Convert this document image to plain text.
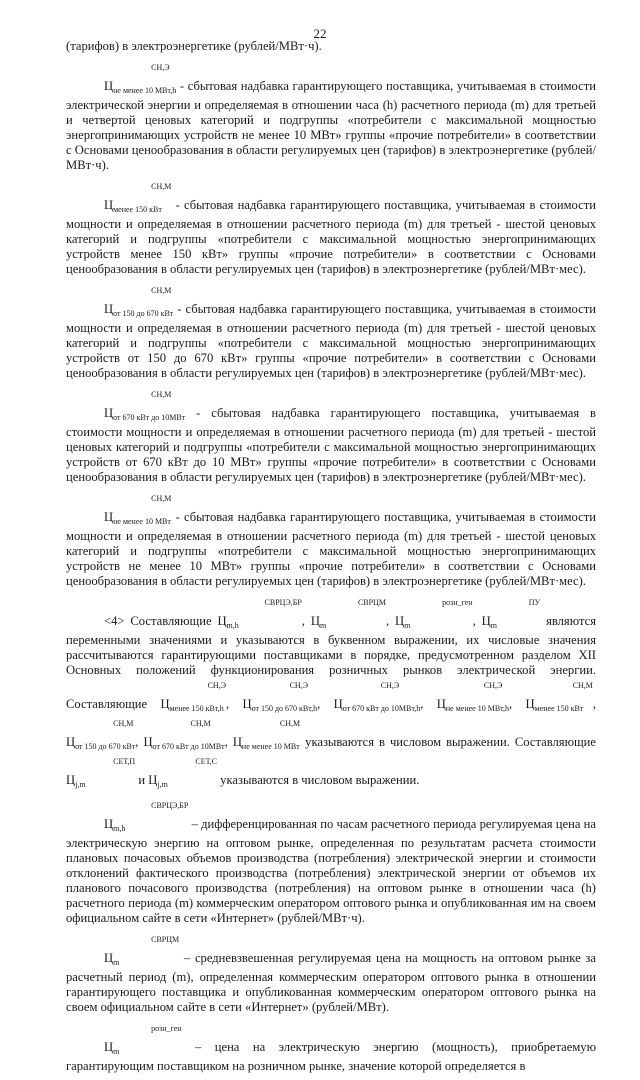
22

(тарифов) в электроэнергетике (рублей/МВт·ч).

$Ц^{СН,Э}$
$_{не менее 10 МВт,h}$ - сбытовая надбавка гарантирующего поставщика, учитываемая в стоимости электрической энергии и определяемая в отношении часа (h) расчетного периода (m) для третьей и четвертой ценовых категорий и подгруппы «потребители с максимальной мощностью энергопринимающих устройств не менее 10 МВт» группы «прочие потребители» в соответствии с Основами ценообразования в области регулируемых цен (тарифов) в электроэнергетике (рублей/МВт·ч).

$Ц^{СН,М}$
$_{менее 150 кВт}$ - сбытовая надбавка гарантирующего поставщика, учитываемая в стоимости мощности и определяемая в отношении расчетного периода (m) для третьей - шестой ценовых категорий и подгруппы «потребители с максимальной мощностью энергопринимающих устройств менее 150 кВт» группы «прочие потребители» в соответствии с Основами ценообразования в области регулируемых цен (тарифов) в электроэнергетике (рублей/МВт·мес).

$Ц^{СН,М}$
$_{от 150 до 670 кВт}$ - сбытовая надбавка гарантирующего поставщика, учитываемая в стоимости мощности и определяемая в отношении расчетного периода (m) для третьей - шестой ценовых категорий и подгруппы «потребители с максимальной мощностью энергопринимающих устройств от 150 до 670 кВт» группы «прочие потребители» в соответствии с Основами ценообразования в области регулируемых цен (тарифов) в электроэнергетике (рублей/МВт·мес).

$Ц^{СН,М}$
$_{от 670 кВт до 10МВт}$ - сбытовая надбавка гарантирующего поставщика, учитываемая в стоимости мощности и определяемая в отношении расчетного периода (m) для третьей - шестой ценовых категорий и подгруппы «потребители с максимальной мощностью энергопринимающих устройств от 670 кВт до 10 МВт» группы «прочие потребители» в соответствии с Основами ценообразования в области регулируемых цен (тарифов) в электроэнергетике (рублей/МВт·мес).

$Ц^{СН,М}$
$_{не менее 10 МВт}$ - сбытовая надбавка гарантирующего поставщика, учитываемая в стоимости мощности и определяемая в отношении расчетного периода (m) для третьей - шестой ценовых категорий и подгруппы «потребители с максимальной мощностью энергопринимающих устройств не менее 10 МВт» группы «прочие потребители» в соответствии с Основами ценообразования в области регулируемых цен (тарифов) в электроэнергетике (рублей/МВт·мес).

<4> Составляющие $Ц^{СВРЦЭ,БР}$
$_{m,h}$	, $Ц^{СВРЦМ}$
$_m$	, $Ц^{розн\_ген}$
$_m$	, $Ц^{ПУ}$
$_m$	являются переменными значениями и указываются в буквенном выражении, их числовые значения рассчитываются гарантирующими поставщиками в порядке, предусмотренном разделом XII Основных положений функционирования розничных рынков электрической энергии. Составляющие $Ц^{СН,Э}$
$_{менее 150 кВт,h}$ , $Ц^{СН,Э}$
$_{от 150 до 670 кВт,h}$, $Ц^{СН,Э}$
$_{от 670 кВт до 10МВт,h}$, $Ц^{СН,Э}$
$_{не менее 10 МВт,h}$, $Ц^{СН,М}$
$_{менее 150 кВт}$ , $Ц^{СН,М}$
$_{от 150 до 670 кВт}$, $Ц^{СН,М}$
$_{от 670 кВт до 10МВт}$, $Ц^{СН,М}$
$_{не менее 10 МВт}$ указываются в числовом выражении. Составляющие $Ц^{СЕТ,П}$
$_{j,m}$	и $Ц^{СЕТ,С}$
$_{j,m}$	указываются в числовом выражении.

$Ц^{СВРЦЭ,БР}$
$_{m,h}$	– дифференцированная по часам расчетного периода регулируемая цена на электрическую энергию на оптовом рынке, определенная по результатам расчета стоимости плановых почасовых объемов производства (потребления) электрической энергии и стоимости отклонений фактического производства (потребления) электрической энергии от объемов их планового почасового производства (потребления) на оптовом рынке в отношении часа (h) расчетного периода (m) коммерческим оператором оптового рынка и опубликованная им на своем официальном сайте в сети «Интернет» (рублей/МВт·ч).

$Ц^{СВРЦМ}$
$_m$	– средневзвешенная регулируемая цена на мощность на оптовом рынке за расчетный период (m), определенная коммерческим оператором оптового рынка в отношении гарантирующего поставщика и опубликованная коммерческим оператором оптового рынка на своем официальном сайте в сети «Интернет» (рублей/МВт).

$Ц^{розн\_ген}$
$_m$	– цена на электрическую энергию (мощность), приобретаемую гарантирующим поставщиком на розничном рынке, значение которой определяется в
